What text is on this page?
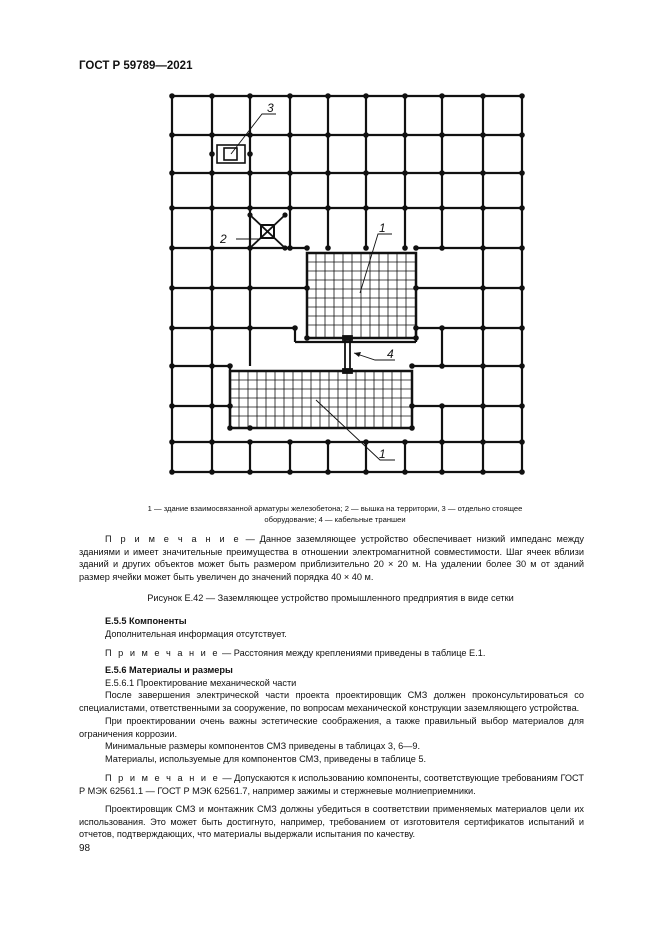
ГОСТ Р 59789—2021
1
1
2
3
4
1 — здание взаимосвязанной арматуры железобетона; 2 — вышка на территории, 3 — отдельно стоящее
оборудование; 4 — кабельные траншеи
П р и м е ч а н и е — Данное заземляющее устройство обеспечивает низкий импеданс между зданиями и имеет значительные преимущества в отношении электромагнитной совместимости. Шаг ячеек вблизи зданий и других объектов может быть размером приблизительно 20 × 20 м. На удалении более 30 м от зданий размер ячейки может быть увеличен до значений порядка 40 × 40 м.
Рисунок Е.42 — Заземляющее устройство промышленного предприятия в виде сетки
Е.5.5 Компоненты
Дополнительная информация отсутствует.
П р и м е ч а н и е — Расстояния между креплениями приведены в таблице Е.1.
Е.5.6 Материалы и размеры
Е.5.6.1 Проектирование механической части
После завершения электрической части проекта проектировщик СМЗ должен проконсультироваться со специалистами, ответственными за сооружение, по вопросам механической конструкции заземляющего устройства.
При проектировании очень важны эстетические соображения, а также правильный выбор материалов для ограничения коррозии.
Минимальные размеры компонентов СМЗ приведены в таблицах 3, 6—9.
Материалы, используемые для компонентов СМЗ, приведены в таблице 5.
П р и м е ч а н и е — Допускаются к использованию компоненты, соответствующие требованиям ГОСТ Р МЭК 62561.1 — ГОСТ Р МЭК 62561.7, например зажимы и стержневые молниеприемники.
Проектировщик СМЗ и монтажник СМЗ должны убедиться в соответствии применяемых материалов цели их использования. Это может быть достигнуто, например, требованием от изготовителя сертификатов испытаний и отчетов, подтверждающих, что материалы выдержали испытания по качеству.
98
